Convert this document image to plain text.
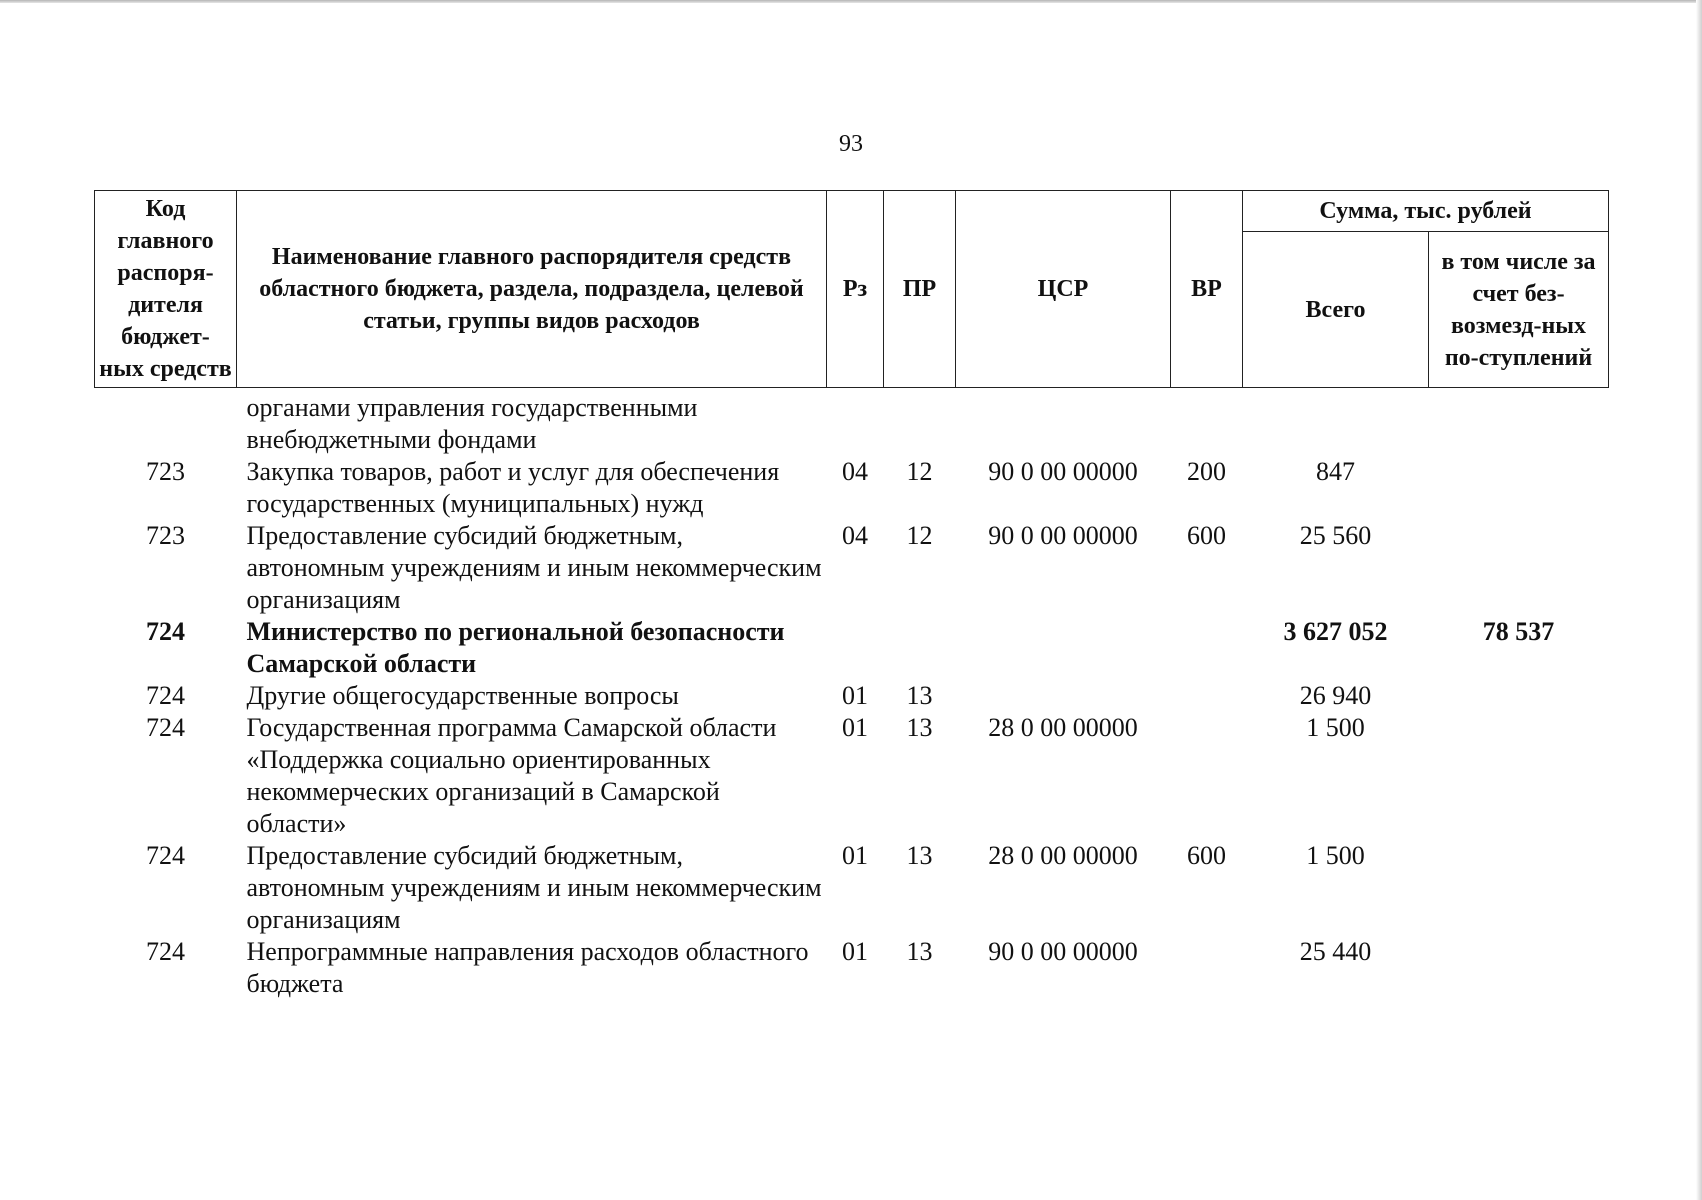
93
Код главного распоря-дителя бюджет-ных средств	Наименование главного распорядителя средств областного бюджета, раздела, подраздела, целевой статьи, группы видов расходов	Рз	ПР	ЦСР	ВР	Сумма, тыс. рублей	
						Всего	в том числе за счет без-возмезд-ных по-ступлений
	органами управления государственными внебюджетными фондами						
723	Закупка товаров, работ и услуг для обеспечения государственных (муниципальных) нужд	04	12	90 0 00 00000	200	847	
723	Предоставление субсидий бюджетным, автономным учреждениям и иным некоммерческим организациям	04	12	90 0 00 00000	600	25 560	
724	Министерство по региональной безопасности Самарской области					3 627 052	78 537
724	Другие общегосударственные вопросы	01	13			26 940	
724	Государственная программа Самарской области «Поддержка социально ориентированных некоммерческих организаций в Самарской области»	01	13	28 0 00 00000		1 500	
724	Предоставление субсидий бюджетным, автономным учреждениям и иным некоммерческим организациям	01	13	28 0 00 00000	600	1 500	
724	Непрограммные направления расходов областного бюджета	01	13	90 0 00 00000		25 440	
